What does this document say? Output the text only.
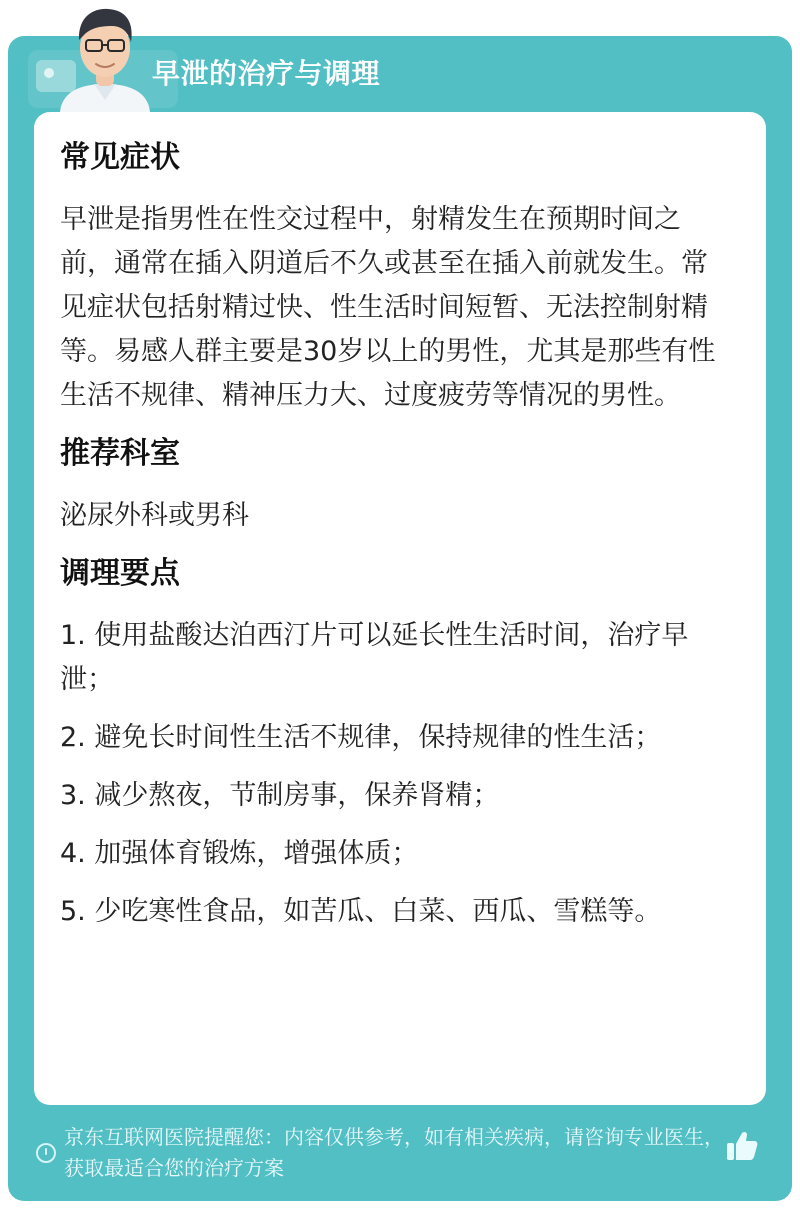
早泄的治疗与调理
常见症状

早泄是指男性在性交过程中，射精发生在预期时间之前，通常在插入阴道后不久或甚至在插入前就发生。常见症状包括射精过快、性生活时间短暂、无法控制射精等。易感人群主要是30岁以上的男性，尤其是那些有性生活不规律、精神压力大、过度疲劳等情况的男性。

推荐科室

泌尿外科或男科

调理要点
1. 使用盐酸达泊西汀片可以延长性生活时间，治疗早泄；
2. 避免长时间性生活不规律，保持规律的性生活；
3. 减少熬夜，节制房事，保养肾精；
4. 加强体育锻炼，增强体质；
5. 少吃寒性食品，如苦瓜、白菜、西瓜、雪糕等。
京东互联网医院提醒您：内容仅供参考，如有相关疾病，请咨询专业医生，获取最适合您的治疗方案
